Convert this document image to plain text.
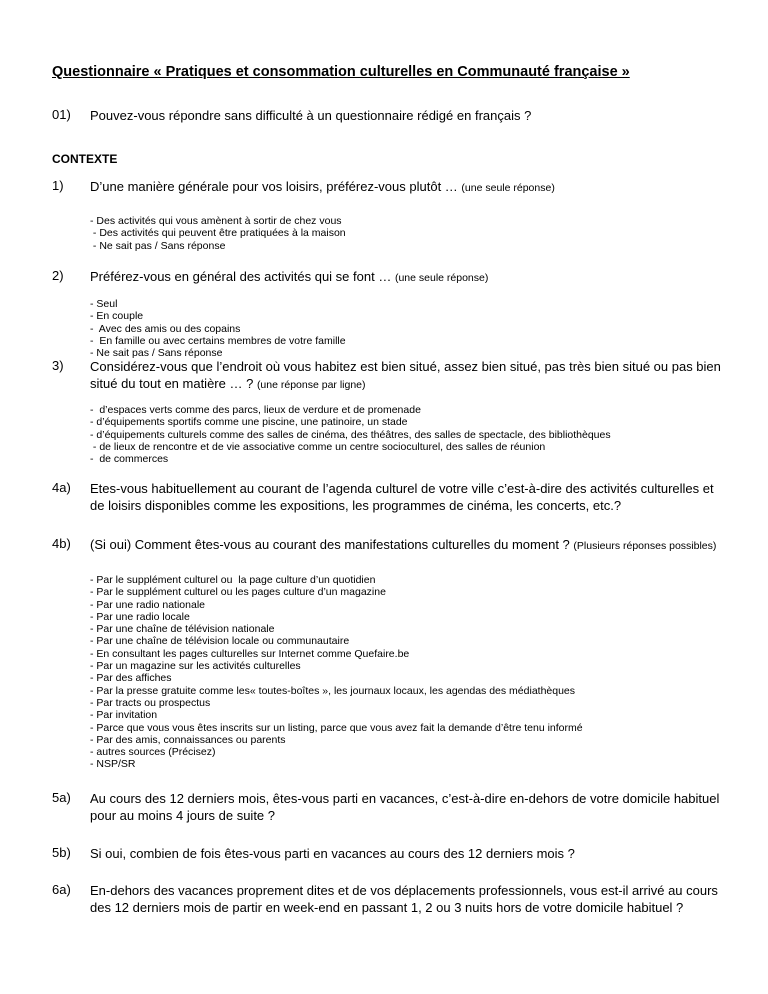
Questionnaire « Pratiques et consommation culturelles en Communauté française »
01) Pouvez-vous répondre sans difficulté à un questionnaire rédigé en français ?
CONTEXTE
1) D’une manière générale pour vos loisirs, préférez-vous plutôt … (une seule réponse)
- Des activités qui vous amènent à sortir de chez vous
- Des activités qui peuvent être pratiquées à la maison
- Ne sait pas / Sans réponse
2) Préférez-vous en général des activités qui se font … (une seule réponse)
- Seul
- En couple
-  Avec des amis ou des copains
-  En famille ou avec certains membres de votre famille
- Ne sait pas / Sans réponse
3) Considérez-vous que l’endroit où vous habitez est bien situé, assez bien situé, pas très bien situé ou pas bien situé du tout en matière … ? (une réponse par ligne)
-  d’espaces verts comme des parcs, lieux de verdure et de promenade
- d’équipements sportifs comme une piscine, une patinoire, un stade
- d’équipements culturels comme des salles de cinéma, des théâtres, des salles de spectacle, des bibliothèques
- de lieux de rencontre et de vie associative comme un centre socioculturel, des salles de réunion
-  de commerces
4a) Etes-vous habituellement au courant de l’agenda culturel de votre ville c’est-à-dire des activités culturelles et de loisirs disponibles comme les expositions, les programmes de cinéma, les concerts, etc.?
4b) (Si oui) Comment êtes-vous au courant des manifestations culturelles du moment ? (Plusieurs réponses possibles)
- Par le supplément culturel ou  la page culture d’un quotidien
- Par le supplément culturel ou les pages culture d’un magazine
- Par une radio nationale
- Par une radio locale
- Par une chaîne de télévision nationale
- Par une chaîne de télévision locale ou communautaire
- En consultant les pages culturelles sur Internet comme Quefaire.be
- Par un magazine sur les activités culturelles
- Par des affiches
- Par la presse gratuite comme les« toutes-boîtes », les journaux locaux, les agendas des médiathèques
- Par tracts ou prospectus
- Par invitation
- Parce que vous vous êtes inscrits sur un listing, parce que vous avez fait la demande d’être tenu informé
- Par des amis, connaissances ou parents
- autres sources (Précisez)
- NSP/SR
5a) Au cours des 12 derniers mois, êtes-vous parti en vacances, c’est-à-dire en-dehors de votre domicile habituel pour au moins 4 jours de suite ?
5b) Si oui, combien de fois êtes-vous parti en vacances au cours des 12 derniers mois ?
6a) En-dehors des vacances proprement dites et de vos déplacements professionnels, vous est-il arrivé au cours des 12 derniers mois de partir en week-end en passant 1, 2 ou 3 nuits hors de votre domicile habituel ?
